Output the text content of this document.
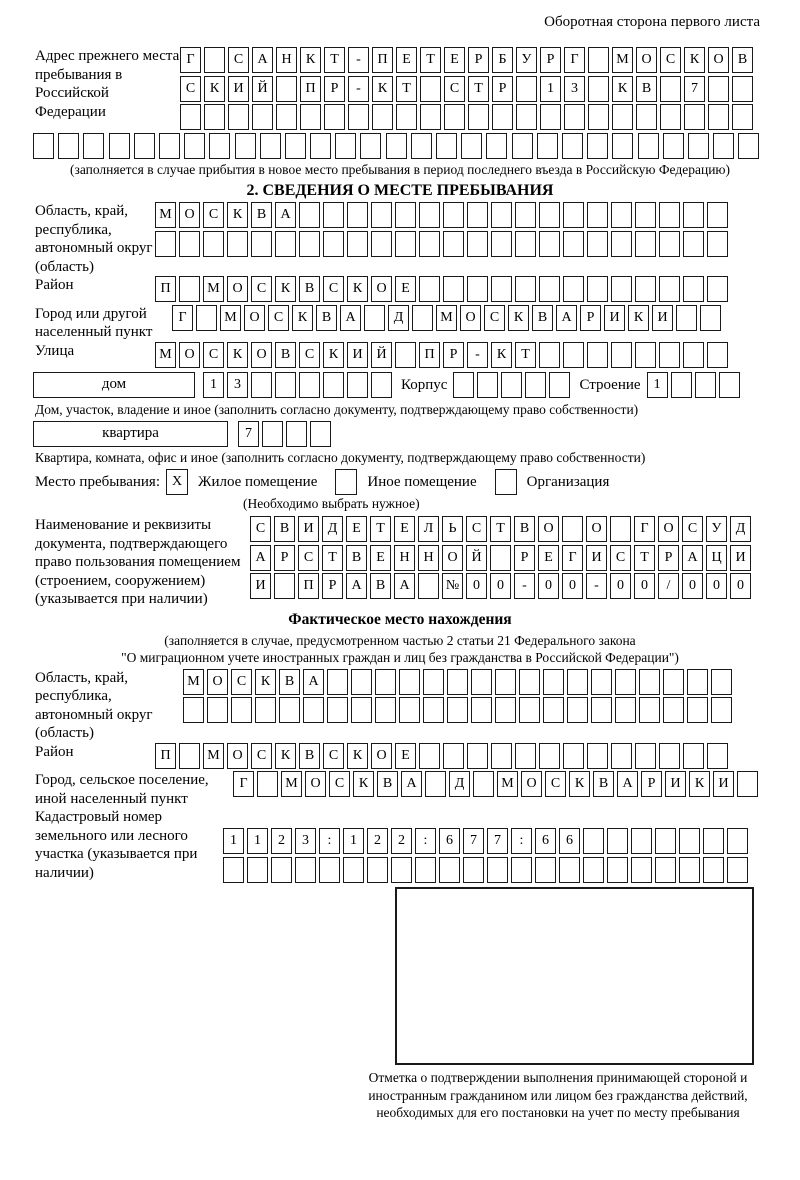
Оборотная сторона первого листа
Адрес прежнего места пребывания в Российской Федерации
Г	С	А Н	К	Т	-	П	Е	Т	Е	Р	Б	У	Р	Г	М О	С	К	О	В
С	К	И Й	П	Р	-	К	Т	С	Т	Р	1	3	К	В	7
(заполняется в случае прибытия в новое место пребывания в период последнего въезда в Российскую Федерацию)
2. СВЕДЕНИЯ О МЕСТЕ ПРЕБЫВАНИЯ
Область, край, республика, автономный округ (область)
М О	С	К	В	А
Район	П	М О	С	К	В	С	К	О	Е
Город или другой населенный пункт
Г	М О	С	К	В	А	Д	М О	С	К	В	А	Р	И	К	И
Улица	М О	С	К	О	В	С	К	И Й	П	Р	-	К	Т
дом	1	3	Корпус	Строение 1
Дом, участок, владение и иное (заполнить согласно документу, подтверждающему право собственности)
квартира	7
Квартира, комната, офис и иное (заполнить согласно документу, подтверждающему право собственности)
Место пребывания: X	Жилое помещение	Иное помещение	Организация
(Необходимо выбрать нужное)
Наименование и реквизиты документа, подтверждающего право пользования помещением (строением, сооружением) (указывается при наличии)
С	В	И	Д	Е	Т	Е	Л	Ь	С	Т	В	О	О	Г	О	С	У	Д
А	Р	С	Т	В	Е	Н Н О Й	Р	Е	Г	И	С	Т	Р	А Ц И
И	П	Р	А	В	А	№ 0	0	-	0	0	-	0	0	/	0	0	0
Фактическое место нахождения
(заполняется в случае, предусмотренном частью 2 статьи 21 Федерального закона
"О миграционном учете иностранных граждан и лиц без гражданства в Российской Федерации")
Область, край, республика, автономный округ (область)
М О	С	К	В	А
Район	П	М О	С	К	В	С	К	О	Е
Город, сельское поселение, иной населенный пункт
Г	М О	С	К	В	А	Д	М О	С	К	В	А	Р	И	К	И
Кадастровый номер земельного или лесного участка (указывается при наличии)
1	1	2	3	:	1	2	2	:	6	7	7	:	6	6
Отметка о подтверждении выполнения принимающей стороной и иностранным гражданином или лицом без гражданства действий, необходимых для его постановки на учет по месту пребывания
